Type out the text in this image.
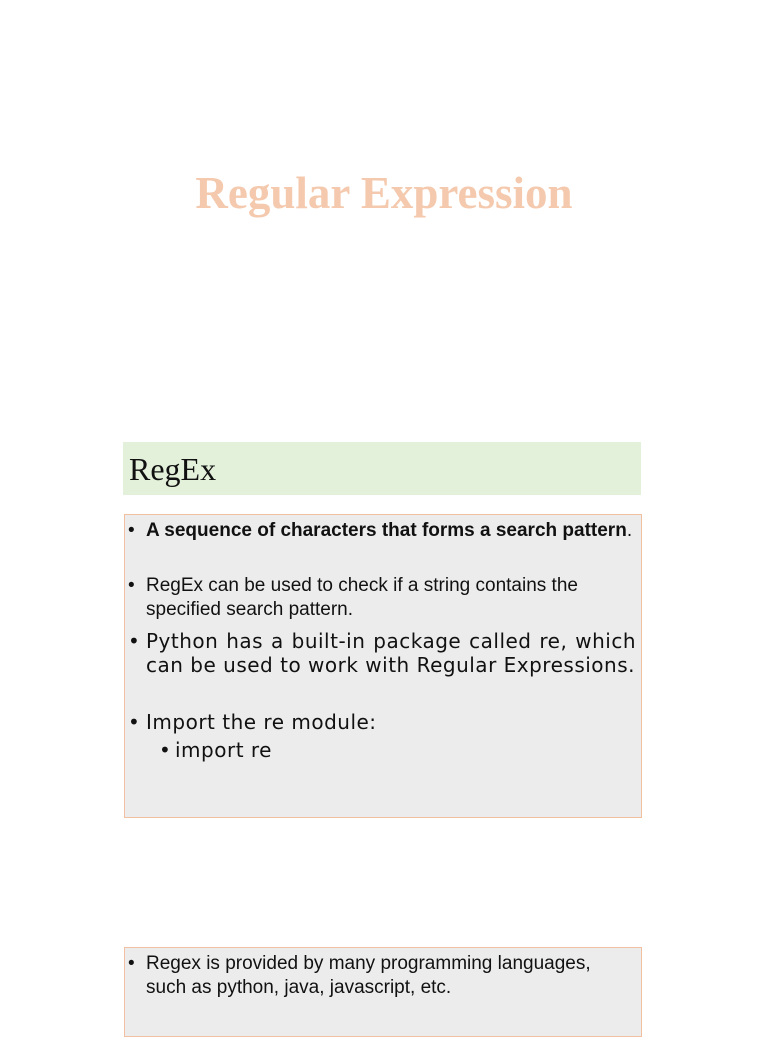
Regular Expression
RegEx
• A sequence of characters that forms a search pattern.
• RegEx can be used to check if a string contains the specified search pattern.
• Python has a built-in package called re, which can be used to work with Regular Expressions.
• Import the re module:
• import re
• Regex is provided by many programming languages, such as python, java, javascript, etc.
